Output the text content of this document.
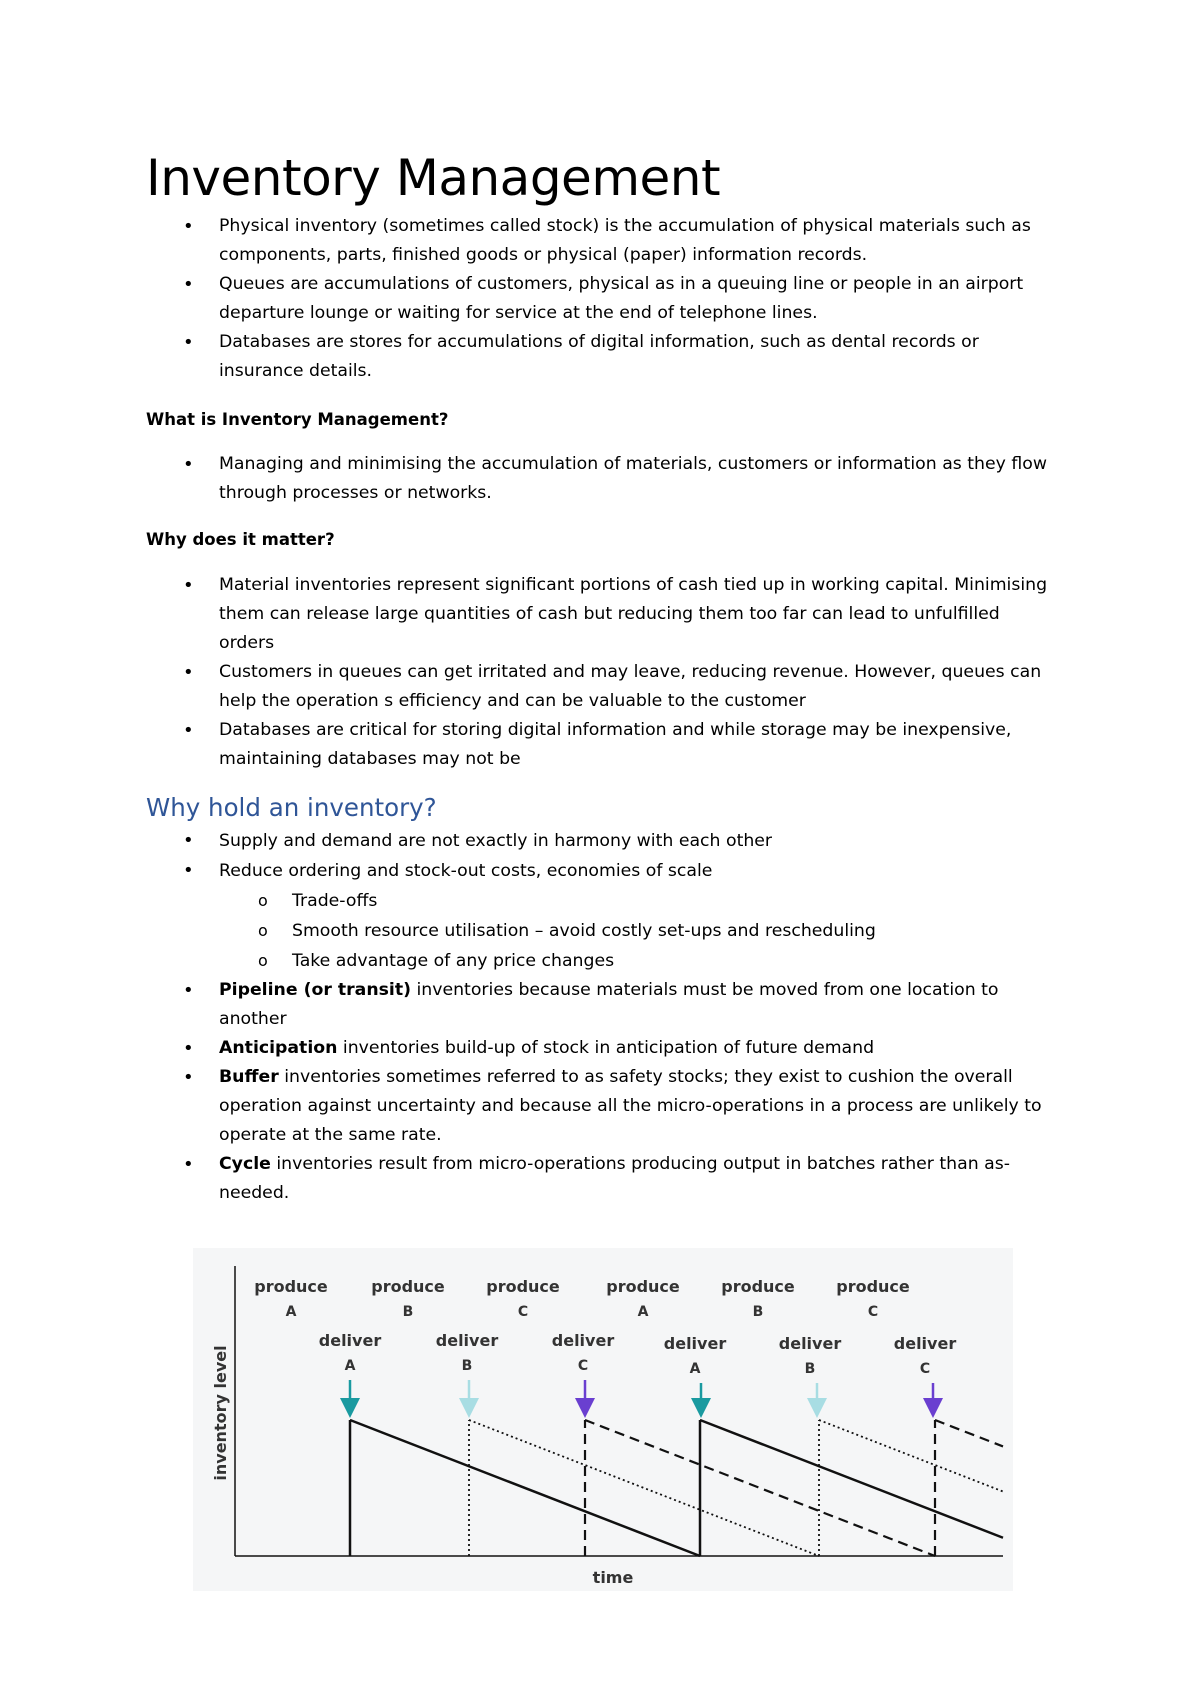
Inventory Management
• Physical inventory (sometimes called stock) is the accumulation of physical materials such as components, parts, finished goods or physical (paper) information records.
• Queues are accumulations of customers, physical as in a queuing line or people in an airport departure lounge or waiting for service at the end of telephone lines.
• Databases are stores for accumulations of digital information, such as dental records or insurance details.
What is Inventory Management?
• Managing and minimising the accumulation of materials, customers or information as they flow through processes or networks.
Why does it matter?
• Material inventories represent significant portions of cash tied up in working capital. Minimising them can release large quantities of cash but reducing them too far can lead to unfulfilled orders
• Customers in queues can get irritated and may leave, reducing revenue. However, queues can help the operation s efficiency and can be valuable to the customer
• Databases are critical for storing digital information and while storage may be inexpensive, maintaining databases may not be
Why hold an inventory?
• Supply and demand are not exactly in harmony with each other
• Reduce ordering and stock-out costs, economies of scale
o Trade-offs
o Smooth resource utilisation – avoid costly set-ups and rescheduling
o Take advantage of any price changes
• Pipeline (or transit) inventories because materials must be moved from one location to another
• Anticipation inventories build-up of stock in anticipation of future demand
• Buffer inventories sometimes referred to as safety stocks; they exist to cushion the overall operation against uncertainty and because all the micro-operations in a process are unlikely to operate at the same rate.
• Cycle inventories result from micro-operations producing output in batches rather than as-needed.
inventory level
time
produce
A
produce
B
produce
C
produce
A
produce
B
produce
C
deliver
A
deliver
B
deliver
C
deliver
A
deliver
B
deliver
C
